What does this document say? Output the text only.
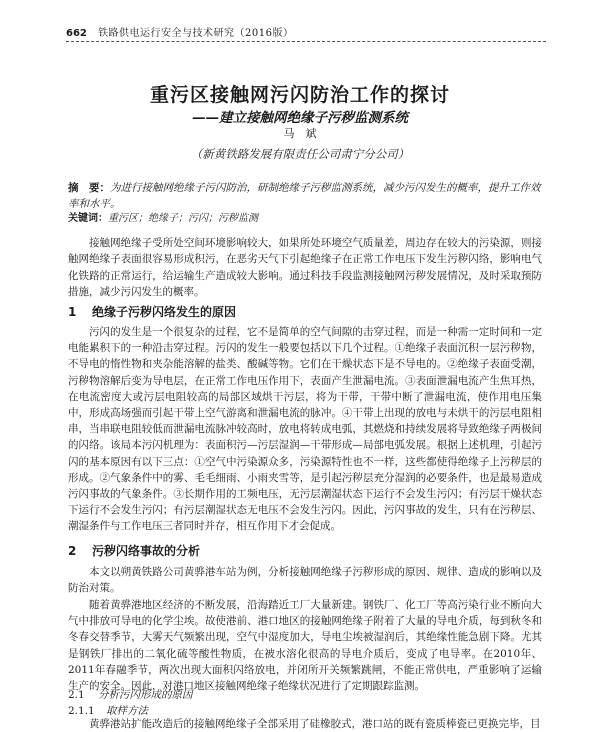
662 铁路供电运行安全与技术研究（2016版）
重污区接触网污闪防治工作的探讨
——建立接触网绝缘子污秽监测系统
马　斌
（新黄铁路发展有限责任公司肃宁分公司）
摘　要：为进行接触网绝缘子污闪防治，研制绝缘子污秽监测系统，减少污闪发生的概率，提升工作效率和水平。
关键词：重污区；绝缘子；污闪；污秽监测
接触网绝缘子受所处空间环境影响较大，如果所处环境空气质量差，周边存在较大的污染源，则接触网绝缘子表面很容易形成积污，在恶劣天气下引起绝缘子在正常工作电压下发生污秽闪络，影响电气化铁路的正常运行，给运输生产造成较大影响。通过科技手段监测接触网污秽发展情况，及时采取预防措施，减少污闪发生的概率。
1 绝缘子污秽闪络发生的原因
污闪的发生是一个很复杂的过程，它不是简单的空气间隙的击穿过程，而是一种需一定时间和一定电能累积下的一种沿击穿过程。污闪的发生一般要包括以下几个过程。①绝缘子表面沉积一层污秽物，不导电的惰性物和夹杂能溶解的盐类、酸碱等物。它们在干燥状态下是不导电的。②绝缘子表面受潮，污秽物溶解后变为导电层，在正常工作电压作用下，表面产生泄漏电流。③表面泄漏电流产生焦耳热，在电流密度大或污层电阻较高的局部区域烘干污层，将为干带，干带中断了泄漏电流，使作用电压集中，形成高场强而引起干带上空气游离和泄漏电流的脉冲。④干带上出现的放电与未烘干的污层电阻相串，当串联电阻较低而泄漏电流脉冲较高时，放电将转成电弧，其燃烧和持续发展将导致绝缘子两极间的闪络。该局本污闪机理为：表面积污—污层湿润—干带形成—局部电弧发展。根据上述机理，引起污闪的基本原因有以下三点：①空气中污染源众多，污染源特性也不一样，这些都使得绝缘子上污秽层的形成。②气象条件中的雾、毛毛细雨、小雨夹雪等，是引起污秽层充分湿润的必要条件，也是最易造成污闪事故的气象条件。③长期作用的工频电压，无污层潮湿状态下运行不会发生污闪；有污层干燥状态下运行不会发生污闪；有污层潮湿状态无电压不会发生污闪。因此，污闪事故的发生，只有在污秽层、潮湿条件与工作电压三者同时并存，相互作用下才会促成。
2 污秽闪络事故的分析
本文以朔黄铁路公司黄骅港车站为例，分析接触网绝缘子污秽形成的原因、规律、造成的影响以及防治对策。
随着黄骅港地区经济的不断发展，沿海踏近工厂大量新建。钢铁厂、化工厂等高污染行业不断向大气中排放可导电的化学尘埃。故使港前、港口地区的接触网绝缘子附着了大量的导电介质，每到秋冬和冬春交替季节，大雾天气频繁出现，空气中湿度加大，导电尘埃被湿润后，其绝缘性能急剧下降。尤其是钢铁厂排出的二氧化硫等酸性物质，在被水溶化很高的导电介质后，变成了电导率。在2010年、2011年春融季节，两次出现大面积闪络放电，并闭所开关频繁跳闸，不能正常供电，严重影响了运输生产的安全。因此，对港口地区接触网绝缘子绝缘状况进行了定期跟踪监测。
2.1 分析污闪形成的原因
2.1.1 取样方法
黄骅港站扩能改造后的接触网绝缘子全部采用了硅橡胶式，港口站的既有瓷质棒瓷已更换完毕，目
